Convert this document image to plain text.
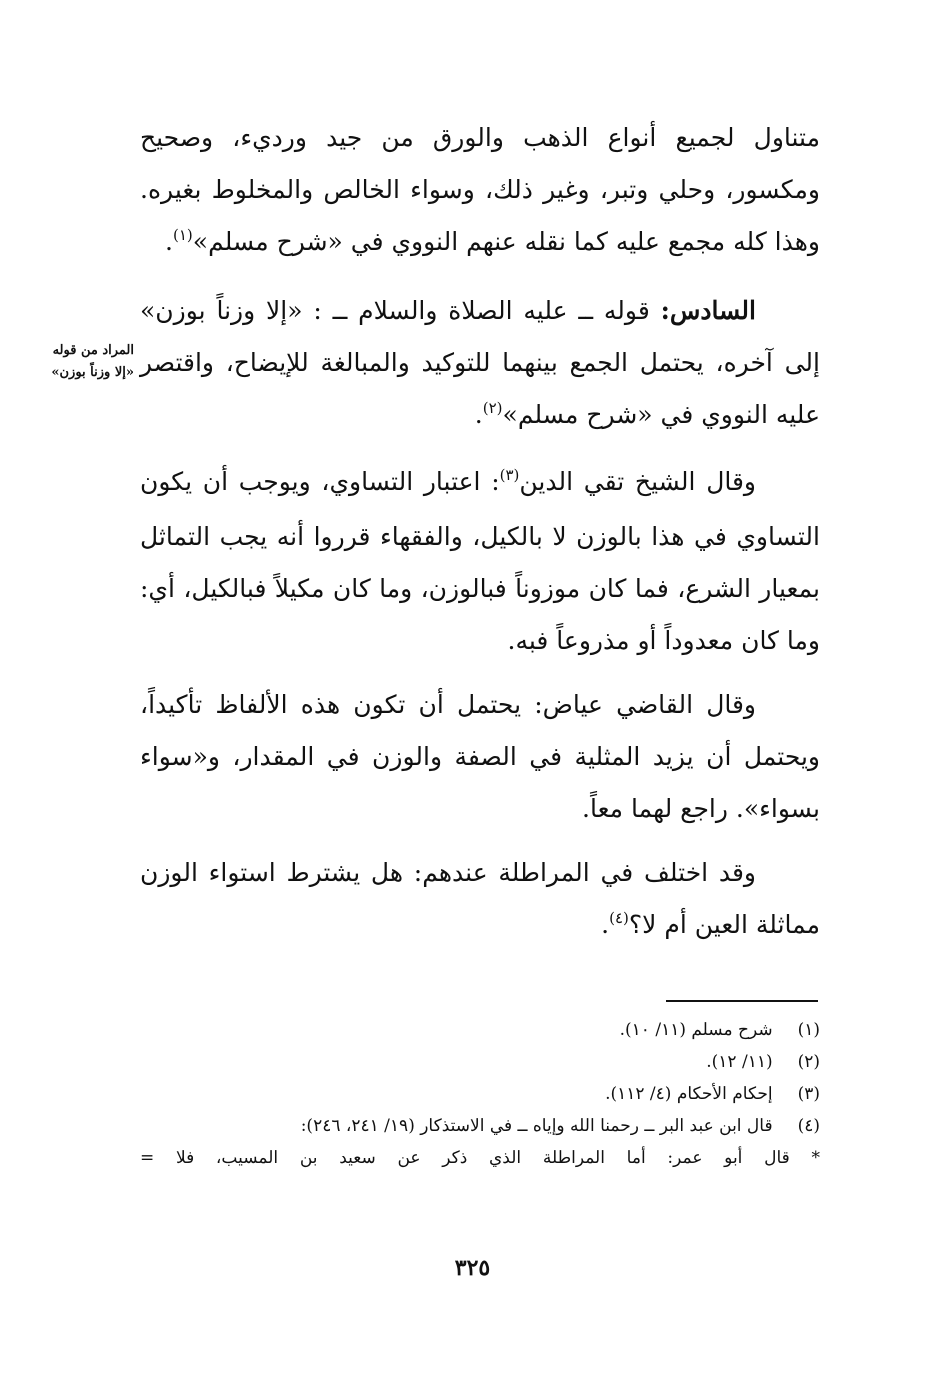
المراد من قوله
«إلا وزناً بوزن»

متناول لجميع أنواع الذهب والورق من جيد ورديء، وصحيح ومكسور، وحلي وتبر، وغير ذلك، وسواء الخالص والمخلوط بغيره. وهذا كله مجمع عليه كما نقله عنهم النووي في «شرح مسلم»$^{(١)}$.

السادس: قوله ــ عليه الصلاة والسلام ــ : «إلا وزناً بوزن» إلى آخره، يحتمل الجمع بينهما للتوكيد والمبالغة للإيضاح، واقتصر عليه النووي في «شرح مسلم»$^{(٢)}$.

وقال الشيخ تقي الدين$^{(٣)}$: اعتبار التساوي، ويوجب أن يكون التساوي في هذا بالوزن لا بالكيل، والفقهاء قرروا أنه يجب التماثل بمعيار الشرع، فما كان موزوناً فبالوزن، وما كان مكيلاً فبالكيل، أي: وما كان معدوداً أو مذروعاً فبه.

وقال القاضي عياض: يحتمل أن تكون هذه الألفاظ تأكيداً، ويحتمل أن يزيد المثلية في الصفة والوزن في المقدار، و«سواء بسواء». راجع لهما معاً.

وقد اختلف في المراطلة عندهم: هل يشترط استواء الوزن مماثلة العين أم لا؟$^{(٤)}$.

(١) شرح مسلم (١١/ ١٠).
(٢) (١١/ ١٢).
(٣) إحكام الأحكام (٤/ ١١٢).
(٤) قال ابن عبد البر ــ رحمنا الله وإياه ــ في الاستذكار (١٩/ ٢٤١، ٢٤٦):
* قال أبو عمر: أما المراطلة الذي ذكر عن سعيد بن المسيب، فلا =
٣٢٥
